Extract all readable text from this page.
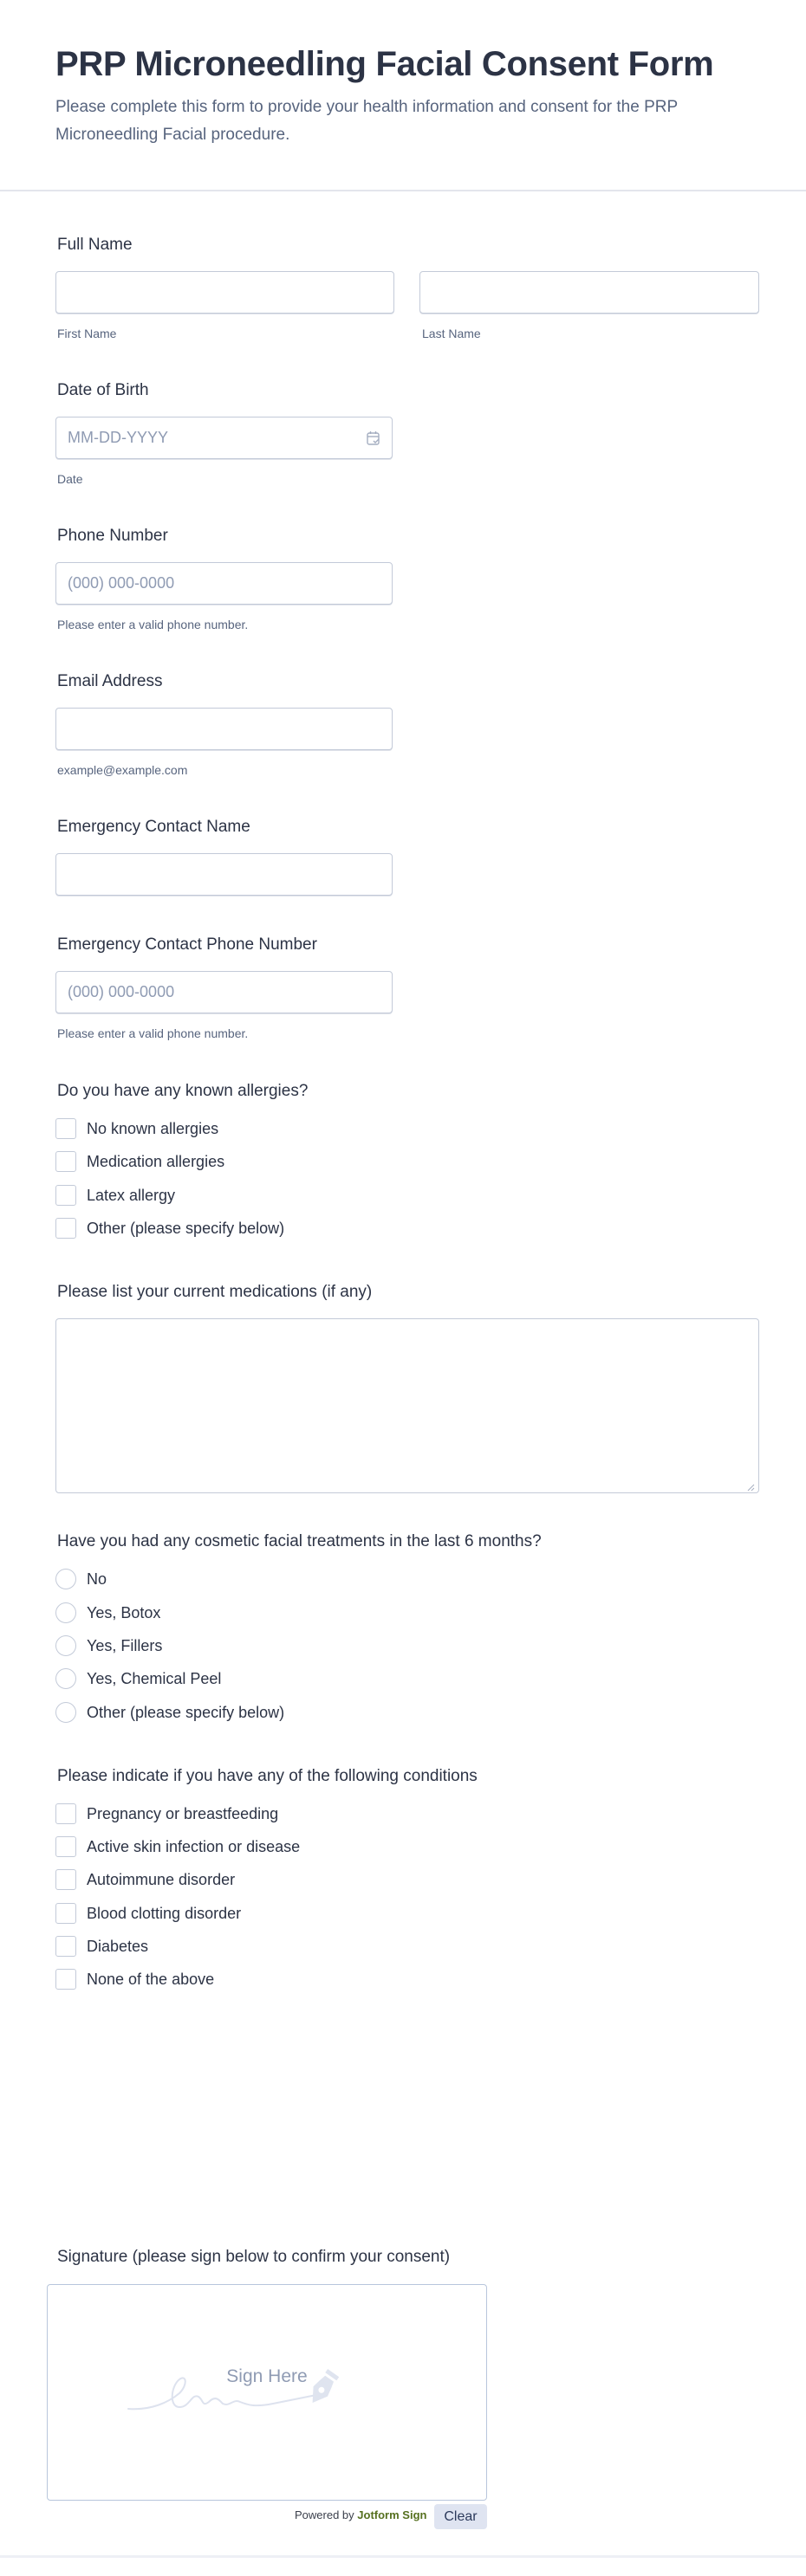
PRP Microneedling Facial Consent Form
Please complete this form to provide your health information and consent for the PRP Microneedling Facial procedure.
Full Name
First Name	Last Name
Date of Birth
MM-DD-YYYY
Date
Phone Number
(000) 000-0000
Please enter a valid phone number.
Email Address
example@example.com
Emergency Contact Name
Emergency Contact Phone Number
(000) 000-0000
Please enter a valid phone number.
Do you have any known allergies?
No known allergies
Medication allergies
Latex allergy
Other (please specify below)
Please list your current medications (if any)
Have you had any cosmetic facial treatments in the last 6 months?
No
Yes, Botox
Yes, Fillers
Yes, Chemical Peel
Other (please specify below)
Please indicate if you have any of the following conditions
Pregnancy or breastfeeding
Active skin infection or disease
Autoimmune disorder
Blood clotting disorder
Diabetes
None of the above
Signature (please sign below to confirm your consent)
Sign Here
Powered by Jotform Sign	Clear
